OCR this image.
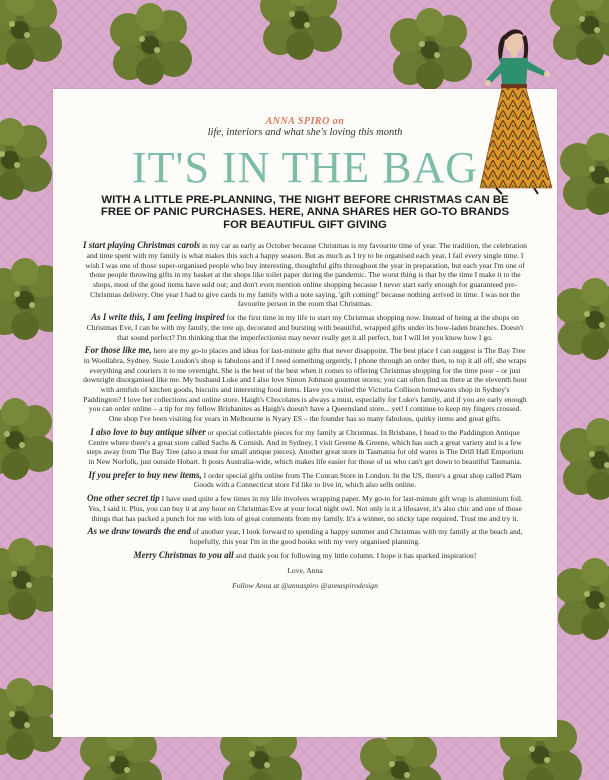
ANNA SPIRO on
life, interiors and what she's loving this month
IT'S IN THE BAG
WITH A LITTLE PRE-PLANNING, THE NIGHT BEFORE CHRISTMAS CAN BE FREE OF PANIC PURCHASES. HERE, ANNA SHARES HER GO-TO BRANDS FOR BEAUTIFUL GIFT GIVING

I start playing Christmas carols in my car as early as October because Christmas is my favourite time of year. The tradition, the celebration and time spent with my family is what makes this such a happy season. But as much as I try to be organised each year, I fail every single time. I wish I was one of those super-organised people who buy interesting, thoughtful gifts throughout the year in preparation, but each year I'm one of those people throwing gifts in my basket at the shops like toilet paper during the pandemic. The worst thing is that by the time I make it to the shops, most of the good items have sold out; and don't even mention online shopping because I never start early enough for guaranteed pre-Christmas delivery. One year I had to give cards to my family with a note saying, 'gift coming!' because nothing arrived in time. I was not the favourite person in the room that Christmas.

As I write this, I am feeling inspired for the first time in my life to start my Christmas shopping now. Instead of being at the shops on Christmas Eve, I can be with my family, the tree up, decorated and bursting with beautiful, wrapped gifts under its bow-laden branches. Doesn't that sound perfect? I'm thinking that the imperfectionist may never really get it all perfect, but I will let you know how I go.

For those like me, here are my go-to places and ideas for last-minute gifts that never disappoint. The best place I can suggest is The Bay Tree in Woollahra, Sydney. Susie Loudon's shop is fabulous and if I need something urgently, I phone through an order then, to top it all off, she wraps everything and couriers it to me overnight. She is the best of the best when it comes to offering Christmas shopping for the time poor – or just downright disorganised like me. My husband Luke and I also love Simon Johnson gourmet stores; you can often find us there at the eleventh hour with armfuls of kitchen goods, biscuits and interesting food items. Have you visited the Victoria Collison homewares shop in Sydney's Paddington? I love her collections and online store. Haigh's Chocolates is always a must, especially for Luke's family, and if you are early enough you can order online – a tip for my fellow Brisbanites as Haigh's doesn't have a Queensland store... yet! I continue to keep my fingers crossed. One shop I've been visiting for years in Melbourne is Nyary ES – the founder has so many fabulous, quirky items and great gifts.

I also love to buy antique silver or special collectable pieces for my family at Christmas. In Brisbane, I head to the Paddington Antique Centre where there's a great store called Sachs & Cornish. And in Sydney, I visit Greene & Greene, which has such a great variety and is a few steps away from The Bay Tree (also a must for small antique pieces). Another great store in Tasmania for old wares is The Drill Hall Emporium in New Norfolk, just outside Hobart. It posts Australia-wide, which makes life easier for those of us who can't get down to beautiful Tasmania.

If you prefer to buy new items, I order special gifts online from The Conran Store in London. In the US, there's a great shop called Plam Goods with a Connecticut store I'd like to live in, which also sells online.

One other secret tip I have used quite a few times in my life involves wrapping paper. My go-to for last-minute gift wrap is aluminium foil. Yes, I said it. Plus, you can buy it at any hour on Christmas Eve at your local night owl. Not only is it a lifesaver, it's also chic and one of those things that has packed a punch for me with lots of great comments from my family. It's a winner, no sticky tape required. Trust me and try it.

As we draw towards the end of another year, I look forward to spending a happy summer and Christmas with my family at the beach and, hopefully, this year I'm in the good books with my very organised planning.

Merry Christmas to you all and thank you for following my little column. I hope it has sparked inspiration!

Love, Anna
Follow Anna at @annaspiro @annaspirodesign
